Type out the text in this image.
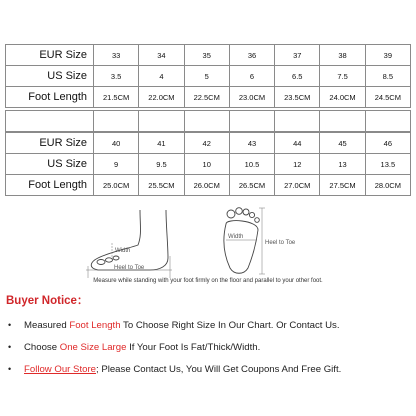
EUR Size	33	34	35	36	37	38	39
US Size	3.5	4	5	6	6.5	7.5	8.5
Foot Length	21.5CM	22.0CM	22.5CM	23.0CM	23.5CM	24.0CM	24.5CM

EUR Size	40	41	42	43	44	45	46
US Size	9	9.5	10	10.5	12	13	13.5
Foot Length	25.0CM	25.5CM	26.0CM	26.5CM	27.0CM	27.5CM	28.0CM
Width
Heel to Toe
Width
Heel to Toe
Measure while standing with your foot firmly on the floor and parallel to your other foot.
Buyer Notice：
•	Measured Foot Length To Choose Right Size In Our Chart. Or Contact Us.
•	Choose One Size Large If Your Foot Is Fat/Thick/Width.
•	Follow Our Store; Please Contact Us, You Will Get Coupons And Free Gift.
